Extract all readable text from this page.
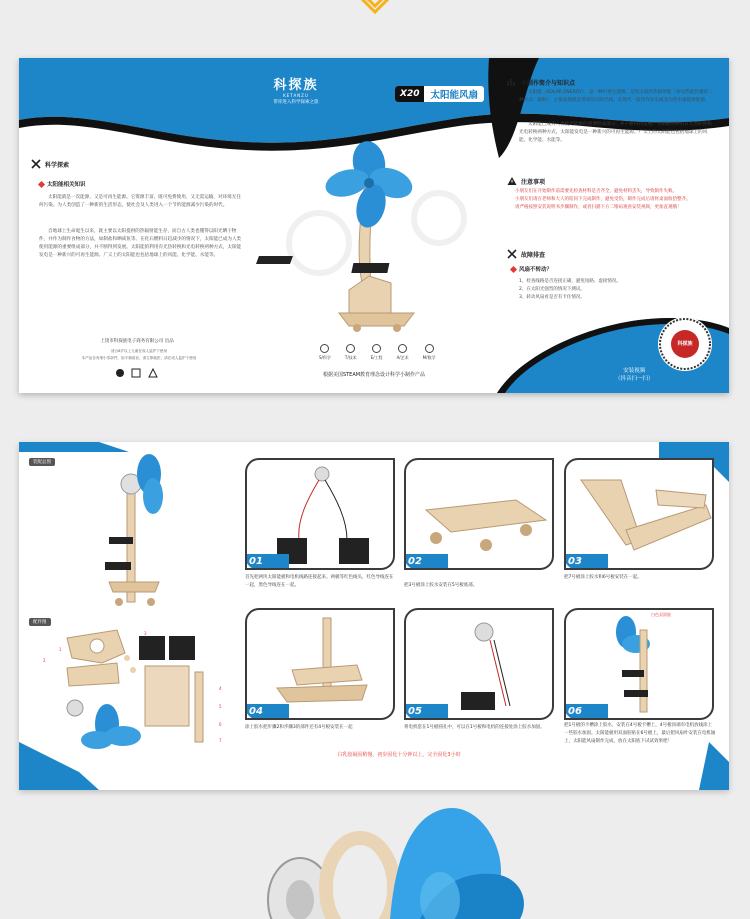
科探族
KETANZU
带你进入科学探索之旅
X20	太阳能风扇
科学探索
太阳能相关知识

太阳能就是一次能源，又是可再生能源。它资源丰富，既可免费使用，又无需运输，对环境无任何污染。为人类创造了一种新的生活形态，使社会及人类进入一个节约能源减少污染的时代。

自地球上生命诞生以来，就主要以太阳提供的热辐射能生存，而自古人类也懂得以阳光晒干物件，并作为制作食物的方法，如制盐和晒咸鱼等。在化石燃料日趋减少的情况下，太阳能已成为人类使用能源的重要组成部分，并不断得到发展。太阳能的利用有光热转换和光电转换两种方式，太阳能发电是一种新兴的可再生能源。广义上的太阳能也包括地球上的风能、化学能、水能等。

上饶市科探族电子商务有限公司 出品
适合8岁以上儿童在成人监护下使用
本产品含有细小零部件，如不慎误吞，请立即就医；请在成人监护下使用	S/科学	T/技术	E/工程	A/艺术	M/数学
根据美国STEAM教育理念设计科学小制作产品
小制作简介与知识点

太阳能（SOLAR ENERGY），是一种可再生能源，是指太阳的热辐射能（参见热能传播的三种方式：辐射），主要表现就是常说的太阳光线。在现代一般用作发电或者为热水器提供能源。

太阳能已成为人类使用能源的重要组成部分，并不断得到发展。太阳能的利用有光热转换和光电转换两种方式，太阳能发电是一种新兴的可再生能源。广义上的太阳能也包括地球上的风能、化学能、水能等。

注意事项
小朋友们在开始制作前需要先检查材料是否齐全，避免材料丢失，导致制作失败。
小朋友们请在老师和大人的陪同下完成制作，避免受伤，制作完成后请将桌面收拾整齐。
请严格按照安装说明书步骤制作，或者扫描下方二维码观看安装视频，更加直观哦！
故障排查
风扇不转动？
1、检查线路是否连接正确，避免短路、虚接情况。
2、在太阳光强烈的情况下测试。
3、转动风扇看是否有卡住情况。
科探族
安装视频
（抖音扫一扫）
装配总图
配件图
3
1
2
4
5
6
7
01	02	03
首先把两块太阳能板和电机线路连接起来。两极等红色线头，红色导线连在一起，黑色导线连在一起。	把3号板涂上胶水安装在5号板底部。
把7号板涂上胶水和6号板安装在一起。
04	05	06
白色双面胶
涂上胶水把步骤2和步骤3的部件还有4号板安装在一起	将电机套在1号板圆孔中，可以在1号板和电机的连接处涂上胶水加固。	把1号板的卡槽涂上胶水，安装在4号板卡槽上，4号板顶端有电机放线涂上一些胶水加固。太阳能板用双面胶贴在6号板上，最后把风扇叶安装在电机轴上，太阳能风扇制作完成，放在太阳底下试试效果吧！
白乳胶凝固稍慢，初步固化十分钟以上，完全固化3小时
